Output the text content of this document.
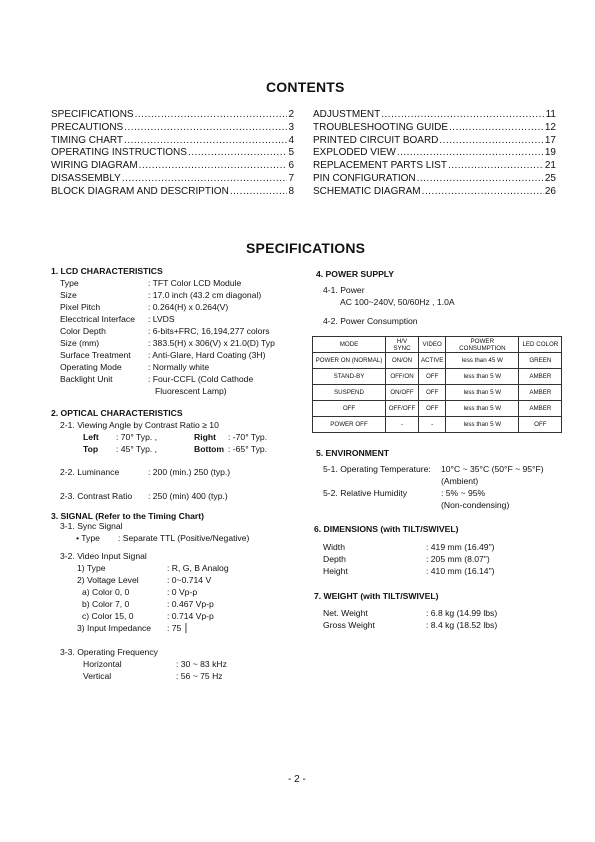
CONTENTS
SPECIFICATIONS .....	2
PRECAUTIONS .....	3
TIMING CHART .....	4
OPERATING INSTRUCTIONS .....	5
WIRING DIAGRAM .....	6
DISASSEMBLY .....	7
BLOCK DIAGRAM AND DESCRIPTION .....	8
ADJUSTMENT .....	11
TROUBLESHOOTING GUIDE .....	12
PRINTED CIRCUIT BOARD .....	17
EXPLODED VIEW .....	19
REPLACEMENT PARTS LIST .....	21
PIN CONFIGURATION .....	25
SCHEMATIC DIAGRAM .....	26
SPECIFICATIONS
1. LCD CHARACTERISTICS
Type	: TFT Color LCD Module
Size	: 17.0 inch (43.2 cm diagonal)
Pixel Pitch	: 0.264(H) x 0.264(V)
Elecctrical Interface : LVDS
Color Depth	: 6-bits+FRC, 16,194,277 colors
Size (mm)	: 383.5(H) x 306(V) x 21.0(D) Typ
Surface Treatment : Anti-Glare, Hard Coating (3H)
Operating Mode	: Normally white
Backlight Unit	: Four-CCFL (Cold Cathode
Fluorescent Lamp)
2. OPTICAL CHARACTERISTICS
2-1. Viewing Angle by Contrast Ratio ≥ 10
Left : 70° Typ. ,	Right : -70° Typ.
Top : 45° Typ. ,	Bottom : -65° Typ.
2-2. Luminance	: 200 (min.) 250 (typ.)
2-3. Contrast Ratio : 250 (min) 400 (typ.)
3. SIGNAL (Refer to the Timing Chart)
3-1. Sync Signal
• Type : Separate TTL (Positive/Negative)
3-2. Video Input Signal
1) Type	: R, G, B Analog
2) Voltage Level	: 0~0.714 V
a) Color 0, 0	: 0 Vp-p
b) Color 7, 0	: 0.467 Vp-p
c) Color 15, 0	: 0.714 Vp-p
3) Input Impedance : 75 ⎮
3-3. Operating Frequency
Horizontal	: 30 ~ 83 kHz
Vertical	: 56 ~ 75 Hz
4. POWER SUPPLY
4-1. Power
AC 100~240V, 50/60Hz , 1.0A
4-2. Power Consumption
MODE	H/V SYNC	VIDEO	POWER CONSUMPTION	LED COLOR
POWER ON (NORMAL)	ON/ON	ACTIVE	less than 45 W	GREEN
STAND-BY	OFF/ON	OFF	less than 5 W	AMBER
SUSPEND	ON/OFF	OFF	less than 5 W	AMBER
OFF	OFF/OFF	OFF	less than 5 W	AMBER
POWER OFF	-	-	less than 5 W	OFF
5. ENVIRONMENT
5-1. Operating Temperature: 10°C ~ 35°C (50°F ~ 95°F)
(Ambient)
5-2. Relative Humidity	: 5% ~ 95%
(Non-condensing)
6. DIMENSIONS (with TILT/SWIVEL)
Width	: 419 mm (16.49")
Depth	: 205 mm (8.07")
Height	: 410 mm (16.14")
7. WEIGHT (with TILT/SWIVEL)
Net. Weight	: 6.8 kg (14.99 lbs)
Gross Weight	: 8.4 kg (18.52 lbs)
- 2 -
